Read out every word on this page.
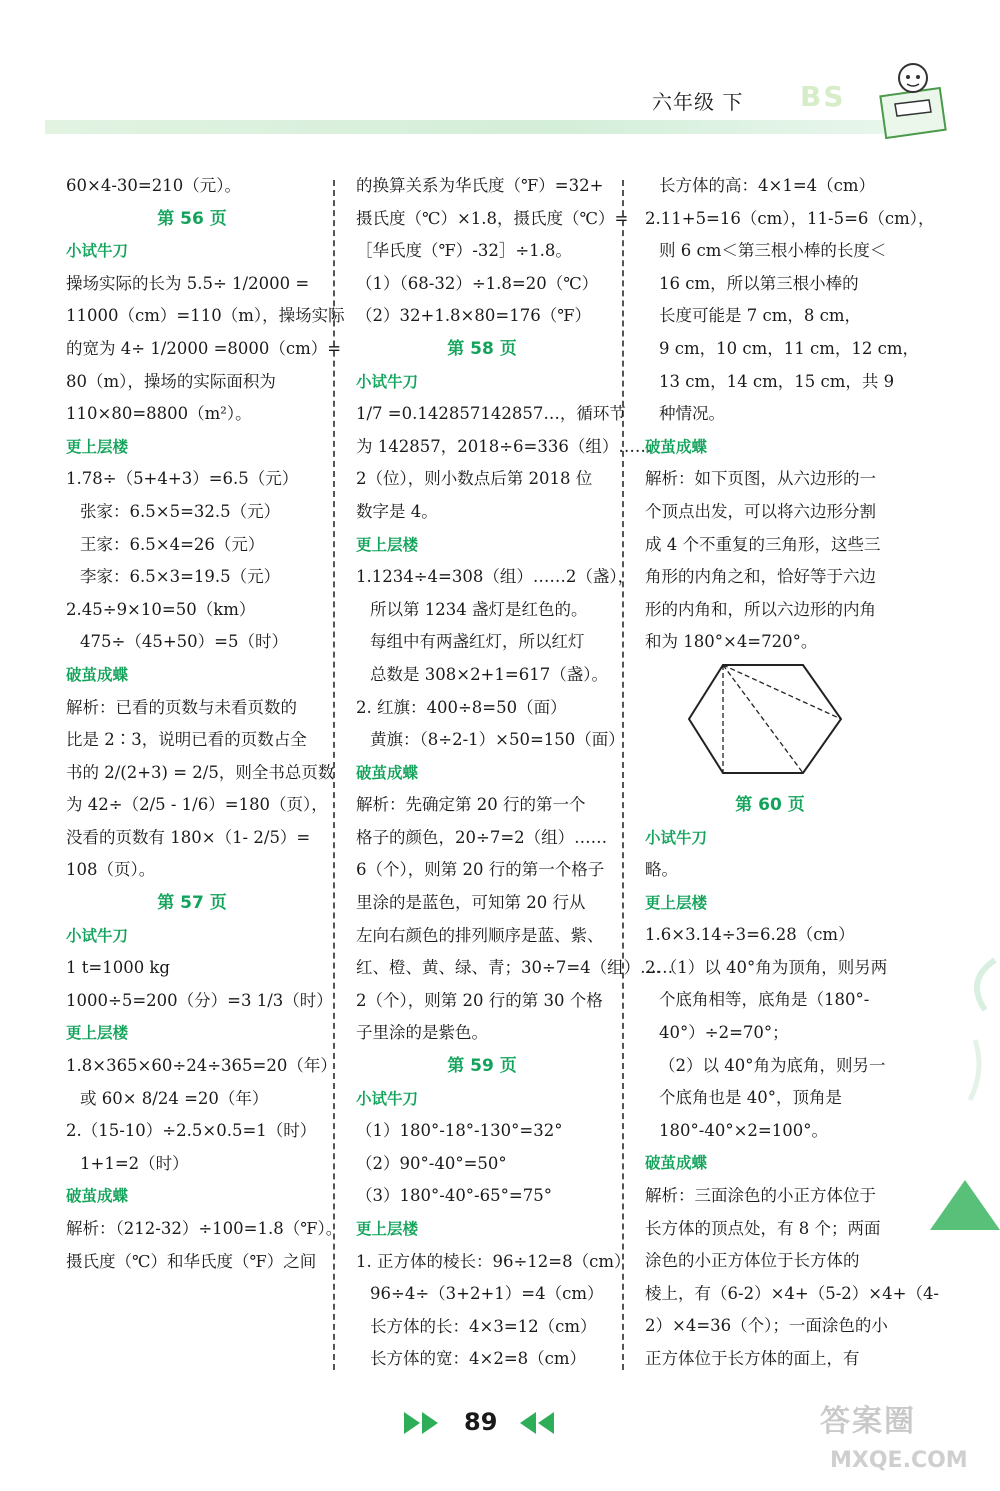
六年级 下 BS
60×4-30=210（元）。
第 56 页
小试牛刀
操场实际的长为 5.5÷ 1/2000 =
11000（cm）=110（m），操场实际
的宽为 4÷ 1/2000 =8000（cm）=
80（m），操场的实际面积为
110×80=8800（m²）。
更上层楼
1.78÷（5+4+3）=6.5（元）
张家：6.5×5=32.5（元）
王家：6.5×4=26（元）
李家：6.5×3=19.5（元）
2.45÷9×10=50（km）
475÷（45+50）=5（时）
破茧成蝶
解析：已看的页数与未看页数的
比是 2∶3，说明已看的页数占全
书的 2/(2+3) = 2/5，则全书总页数
为 42÷（2/5 - 1/6）=180（页），
没看的页数有 180×（1- 2/5）=
108（页）。
第 57 页
小试牛刀
1 t=1000 kg
1000÷5=200（分）=3 1/3（时）
更上层楼
1.8×365×60÷24÷365=20（年）
或 60× 8/24 =20（年）
2.（15-10）÷2.5×0.5=1（时）
1+1=2（时）
破茧成蝶
解析：（212-32）÷100=1.8（℉）。
摄氏度（℃）和华氏度（℉）之间
的换算关系为华氏度（℉）=32+
摄氏度（℃）×1.8，摄氏度（℃）=
［华氏度（℉）-32］÷1.8。
（1）（68-32）÷1.8=20（℃）
（2）32+1.8×80=176（℉）
第 58 页
小试牛刀
1/7 =0.142857142857…，循环节
为 142857，2018÷6=336（组）……
2（位），则小数点后第 2018 位
数字是 4。
更上层楼
1.1234÷4=308（组）……2（盏），
所以第 1234 盏灯是红色的。
每组中有两盏红灯，所以红灯
总数是 308×2+1=617（盏）。
2. 红旗：400÷8=50（面）
黄旗：（8÷2-1）×50=150（面）
破茧成蝶
解析：先确定第 20 行的第一个
格子的颜色，20÷7=2（组）……
6（个），则第 20 行的第一个格子
里涂的是蓝色，可知第 20 行从
左向右颜色的排列顺序是蓝、紫、
红、橙、黄、绿、青；30÷7=4（组）……
2（个），则第 20 行的第 30 个格
子里涂的是紫色。
第 59 页
小试牛刀
（1）180°-18°-130°=32°
（2）90°-40°=50°
（3）180°-40°-65°=75°
更上层楼
1. 正方体的棱长：96÷12=8（cm）
96÷4÷（3+2+1）=4（cm）
长方体的长：4×3=12（cm）
长方体的宽：4×2=8（cm）
长方体的高：4×1=4（cm）
2.11+5=16（cm），11-5=6（cm），
则 6 cm＜第三根小棒的长度＜
16 cm，所以第三根小棒的
长度可能是 7 cm，8 cm，
9 cm，10 cm，11 cm，12 cm，
13 cm，14 cm，15 cm，共 9
种情况。
破茧成蝶
解析：如下页图，从六边形的一
个顶点出发，可以将六边形分割
成 4 个不重复的三角形，这些三
角形的内角之和，恰好等于六边
形的内角和，所以六边形的内角
和为 180°×4=720°。
第 60 页
小试牛刀
略。
更上层楼
1.6×3.14÷3=6.28（cm）
2.（1）以 40°角为顶角，则另两
个底角相等，底角是（180°-
40°）÷2=70°；
（2）以 40°角为底角，则另一
个底角也是 40°，顶角是
180°-40°×2=100°。
破茧成蝶
解析：三面涂色的小正方体位于
长方体的顶点处，有 8 个；两面
涂色的小正方体位于长方体的
棱上，有（6-2）×4+（5-2）×4+（4-
2）×4=36（个）；一面涂色的小
正方体位于长方体的面上，有
89	答案圈
MXQE.COM
